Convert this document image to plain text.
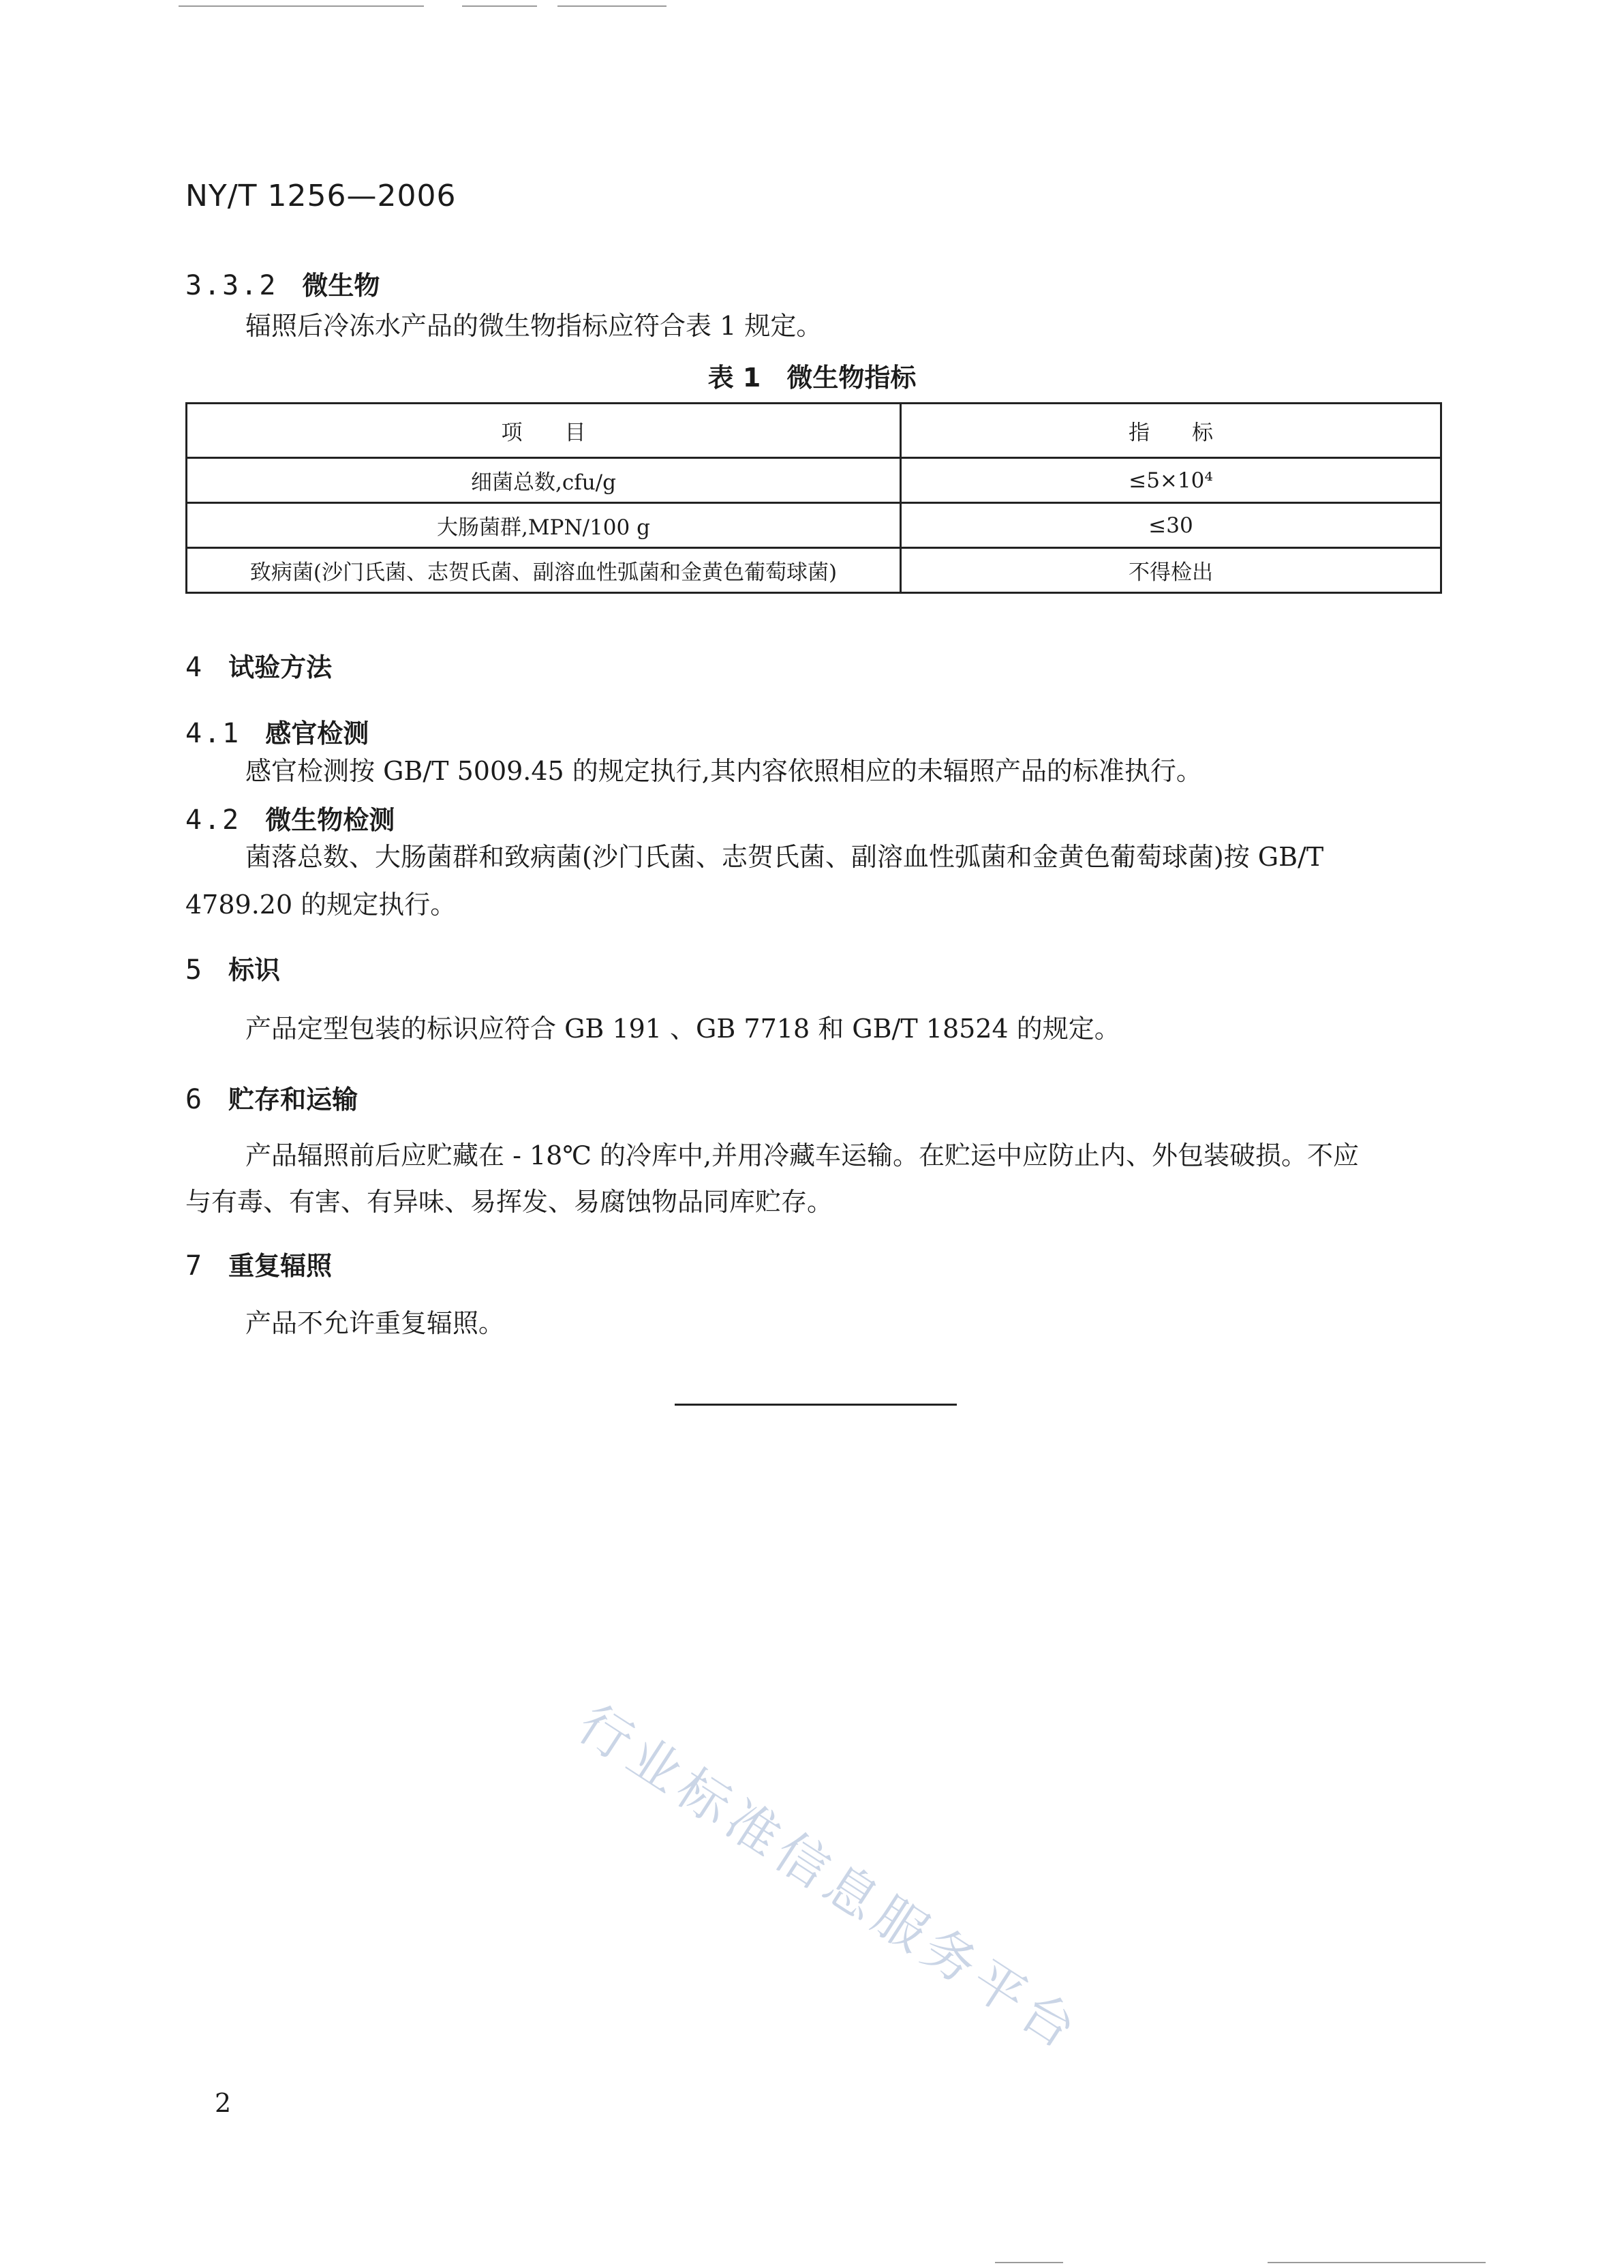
NY/T 1256—2006
3.3.2 微生物
辐照后冷冻水产品的微生物指标应符合表 1 规定。
表 1　微生物指标
项　　目	指　　标
细菌总数,cfu/g	≤5×10⁴
大肠菌群,MPN/100 g	≤30
致病菌(沙门氏菌、志贺氏菌、副溶血性弧菌和金黄色葡萄球菌)	不得检出
4 试验方法
4.1 感官检测
感官检测按 GB/T 5009.45 的规定执行,其内容依照相应的未辐照产品的标准执行。
4.2 微生物检测
菌落总数、大肠菌群和致病菌(沙门氏菌、志贺氏菌、副溶血性弧菌和金黄色葡萄球菌)按 GB/T
4789.20 的规定执行。
5 标识
产品定型包装的标识应符合 GB 191 、GB 7718 和 GB/T 18524 的规定。
6 贮存和运输
产品辐照前后应贮藏在 - 18℃ 的冷库中,并用冷藏车运输。在贮运中应防止内、外包装破损。不应
与有毒、有害、有异味、易挥发、易腐蚀物品同库贮存。
7 重复辐照
产品不允许重复辐照。
行业标准信息服务平台
2
